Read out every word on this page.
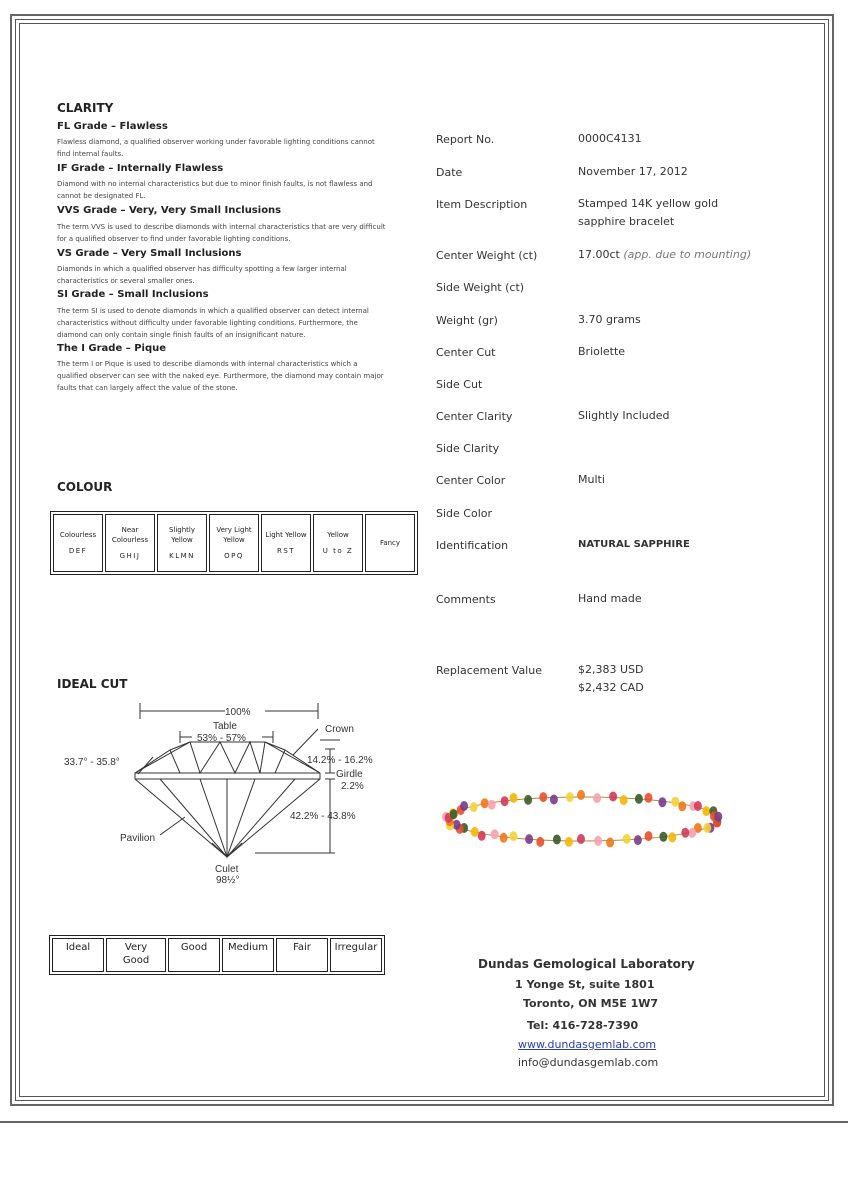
CLARITY
FL Grade – Flawless
Flawless diamond, a qualified observer working under favorable lighting conditions cannot find internal faults.
IF Grade – Internally Flawless
Diamond with no internal characteristics but due to minor finish faults, is not flawless and cannot be designated FL.
VVS Grade – Very, Very Small Inclusions
The term VVS is used to describe diamonds with internal characteristics that are very difficult for a qualified observer to find under favorable lighting conditions.
VS Grade – Very Small Inclusions
Diamonds in which a qualified observer has difficulty spotting a few larger internal characteristics or several smaller ones.
SI Grade – Small Inclusions
The term SI is used to denote diamonds in which a qualified observer can detect internal characteristics without difficulty under favorable lighting conditions. Furthermore, the diamond can only contain single finish faults of an insignificant nature.
The I Grade – Pique
The term I or Pique is used to describe diamonds with internal characteristics which a qualified observer can see with the naked eye. Furthermore, the diamond may contain major faults that can largely affect the value of the stone.
COLOUR
Colourless
DEF

Near Colourless
GHIJ

Slightly Yellow
KLMN

Very Light Yellow
OPQ

Light Yellow
RST

Yellow
U to Z

Fancy
IDEAL CUT
100%
Table
53% - 57%
Crown
33.7° - 35.8°	14.2% - 16.2%
Girdle
2.2%
42.2% - 43.8%
Pavilion
Culet
98½°
Ideal	Very Good	Good	Medium	Fair	Irregular
Report No.	0000C4131
Date	November 17, 2012
Item Description	Stamped 14K yellow gold sapphire bracelet
Center Weight (ct)	17.00ct (app. due to mounting)
Side Weight (ct)
Weight (gr)	3.70 grams
Center Cut	Briolette
Side Cut
Center Clarity	Slightly Included
Side Clarity
Center Color	Multi
Side Color
Identification	NATURAL SAPPHIRE
Comments	Hand made
Replacement Value	$2,383 USD
$2,432 CAD
Dundas Gemological Laboratory
1 Yonge St, suite 1801
Toronto, ON M5E 1W7
Tel: 416-728-7390
www.dundasgemlab.com
info@dundasgemlab.com
